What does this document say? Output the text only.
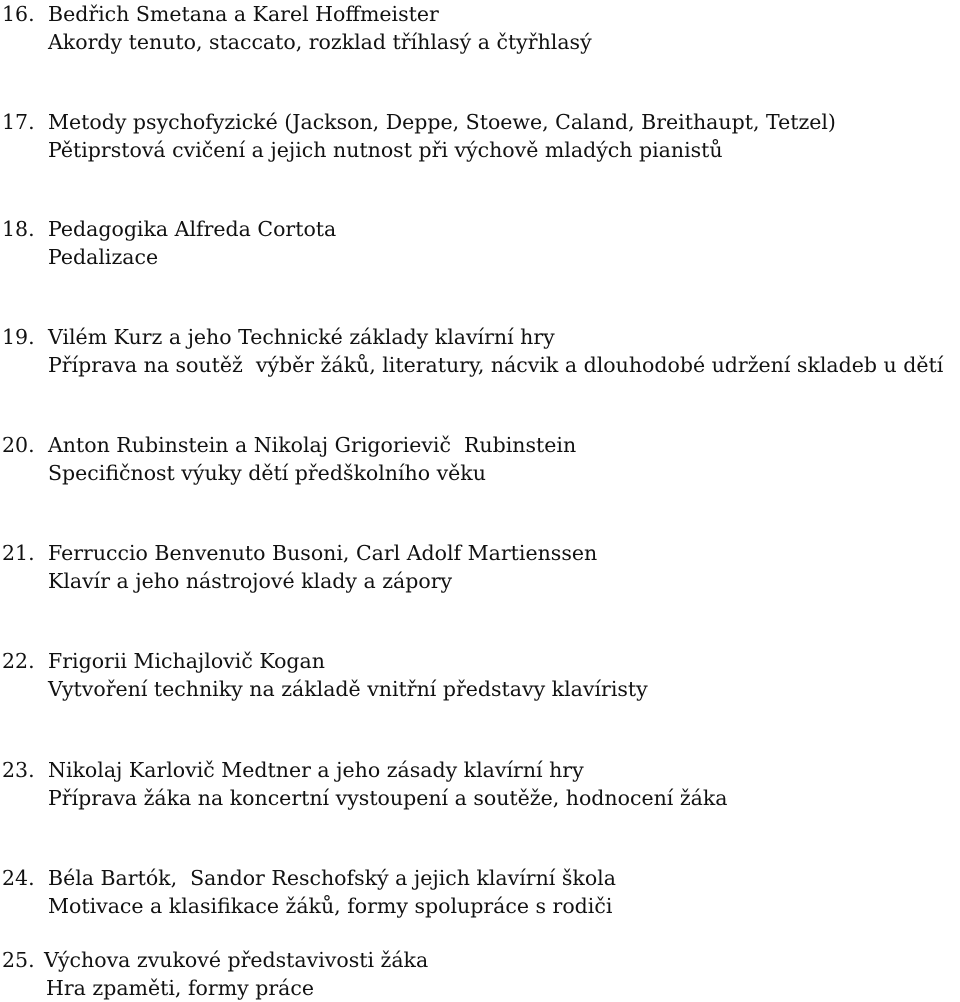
16. Bedřich Smetana a Karel Hoffmeister
Akordy tenuto, staccato, rozklad tříhlasý a čtyřhlasý
17. Metody psychofyzické (Jackson, Deppe, Stoewe, Caland, Breithaupt, Tetzel)
Pětiprstová cvičení a jejich nutnost při výchově mladých pianistů
18. Pedagogika Alfreda Cortota
Pedalizace
19. Vilém Kurz a jeho Technické základy klavírní hry
Příprava na soutěž  výběr žáků, literatury, nácvik a dlouhodobé udržení skladeb u dětí
20. Anton Rubinstein a Nikolaj Grigorievič  Rubinstein
Specifičnost výuky dětí předškolního věku
21. Ferruccio Benvenuto Busoni, Carl Adolf Martienssen
Klavír a jeho nástrojové klady a zápory
22. Frigorii Michajlovič Kogan
Vytvoření techniky na základě vnitřní představy klavíristy
23. Nikolaj Karlovič Medtner a jeho zásady klavírní hry
Příprava žáka na koncertní vystoupení a soutěže, hodnocení žáka
24. Béla Bartók,  Sandor Reschofský a jejich klavírní škola
Motivace a klasifikace žáků, formy spolupráce s rodiči
25. Výchova zvukové představivosti žáka
Hra zpaměti, formy práce
